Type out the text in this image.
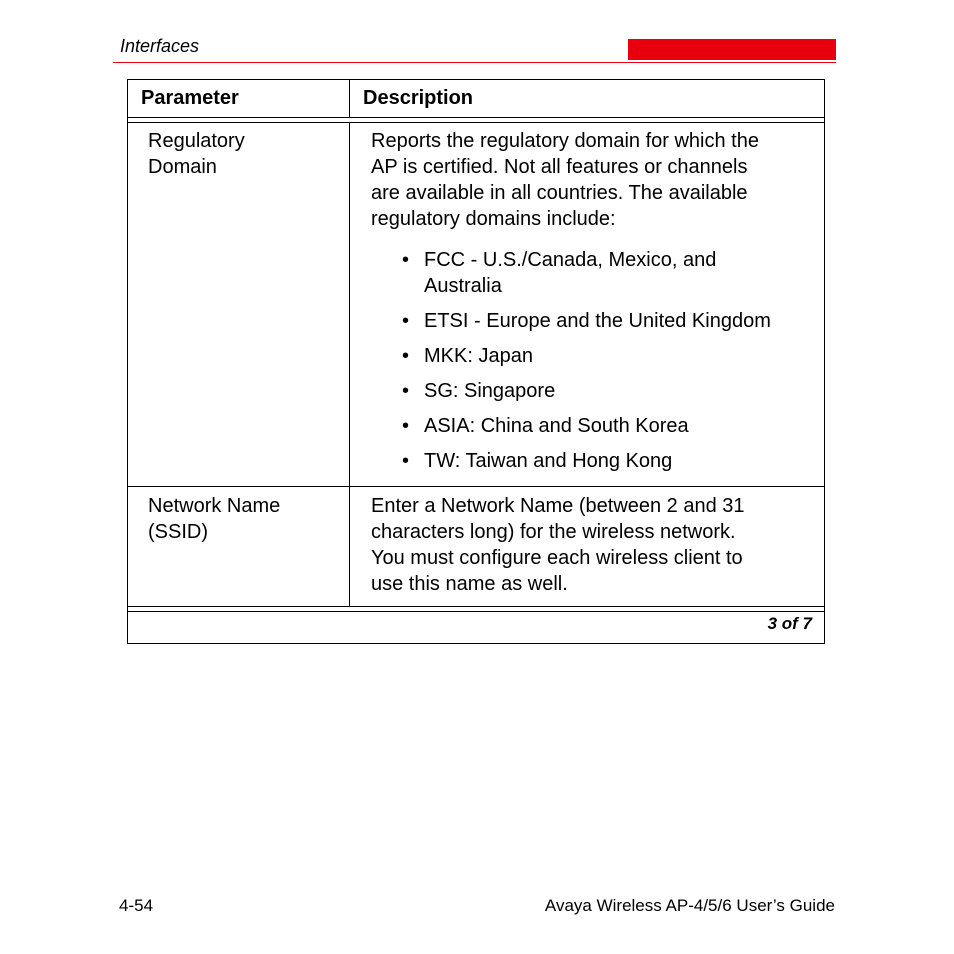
Interfaces
Parameter	Description
Regulatory
Domain
Reports the regulatory domain for which the
AP is certified. Not all features or channels
are available in all countries. The available
regulatory domains include:
• FCC - U.S./Canada, Mexico, and Australia
• ETSI - Europe and the United Kingdom
• MKK: Japan
• SG: Singapore
• ASIA: China and South Korea
• TW: Taiwan and Hong Kong
Network Name
(SSID)
Enter a Network Name (between 2 and 31
characters long) for the wireless network.
You must configure each wireless client to
use this name as well.
3 of 7
4-54	Avaya Wireless AP-4/5/6 User’s Guide
